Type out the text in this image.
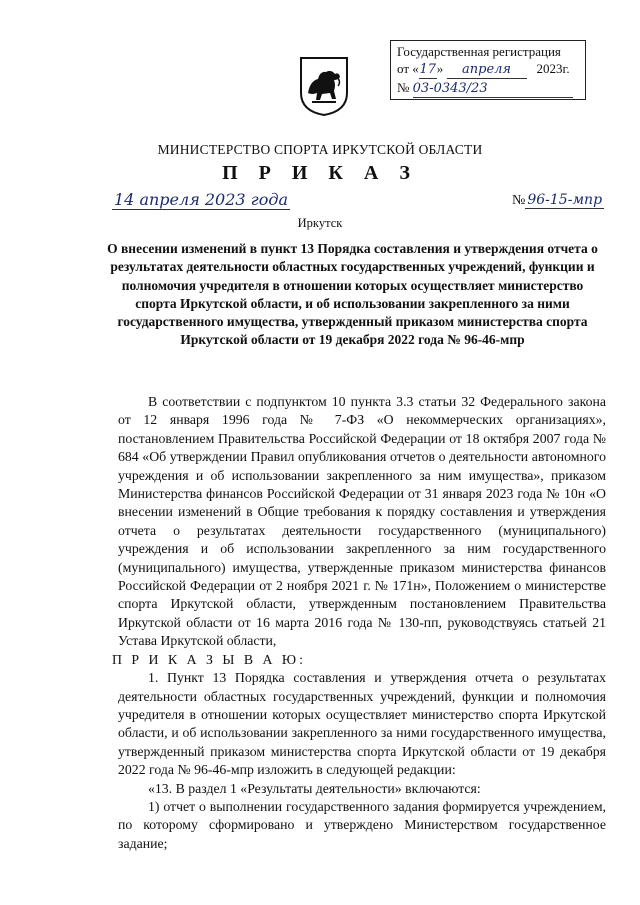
Государственная регистрация
от «17» апреля 2023г.
№ 03-0343/23
МИНИСТЕРСТВО СПОРТА ИРКУТСКОЙ ОБЛАСТИ
П Р И К А З
14 апреля 2023 года	№ 96-15-мпр
Иркутск
О внесении изменений в пункт 13 Порядка составления и утверждения отчета о результатах деятельности областных государственных учреждений, функции и полномочия учредителя в отношении которых осуществляет министерство спорта Иркутской области, и об использовании закрепленного за ними государственного имущества, утвержденный приказом министерства спорта Иркутской области от 19 декабря 2022 года № 96-46-мпр

В соответствии с подпунктом 10 пункта 3.3 статьи 32 Федерального закона от 12 января 1996 года № 7-ФЗ «О некоммерческих организациях», постановлением Правительства Российской Федерации от 18 октября 2007 года № 684 «Об утверждении Правил опубликования отчетов о деятельности автономного учреждения и об использовании закрепленного за ним имущества», приказом Министерства финансов Российской Федерации от 31 января 2023 года № 10н «О внесении изменений в Общие требования к порядку составления и утверждения отчета о результатах деятельности государственного (муниципального) учреждения и об использовании закрепленного за ним государственного (муниципального) имущества, утвержденные приказом министерства финансов Российской Федерации от 2 ноября 2021 г. № 171н», Положением о министерстве спорта Иркутской области, утвержденным постановлением Правительства Иркутской области от 16 марта 2016 года № 130-пп, руководствуясь статьей 21 Устава Иркутской области,

П Р И К А З Ы В А Ю:

1. Пункт 13 Порядка составления и утверждения отчета о результатах деятельности областных государственных учреждений, функции и полномочия учредителя в отношении которых осуществляет министерство спорта Иркутской области, и об использовании закрепленного за ними государственного имущества, утвержденный приказом министерства спорта Иркутской области от 19 декабря 2022 года № 96-46-мпр изложить в следующей редакции:

«13. В раздел 1 «Результаты деятельности» включаются:

1) отчет о выполнении государственного задания формируется учреждением, по которому сформировано и утверждено Министерством государственное задание;
